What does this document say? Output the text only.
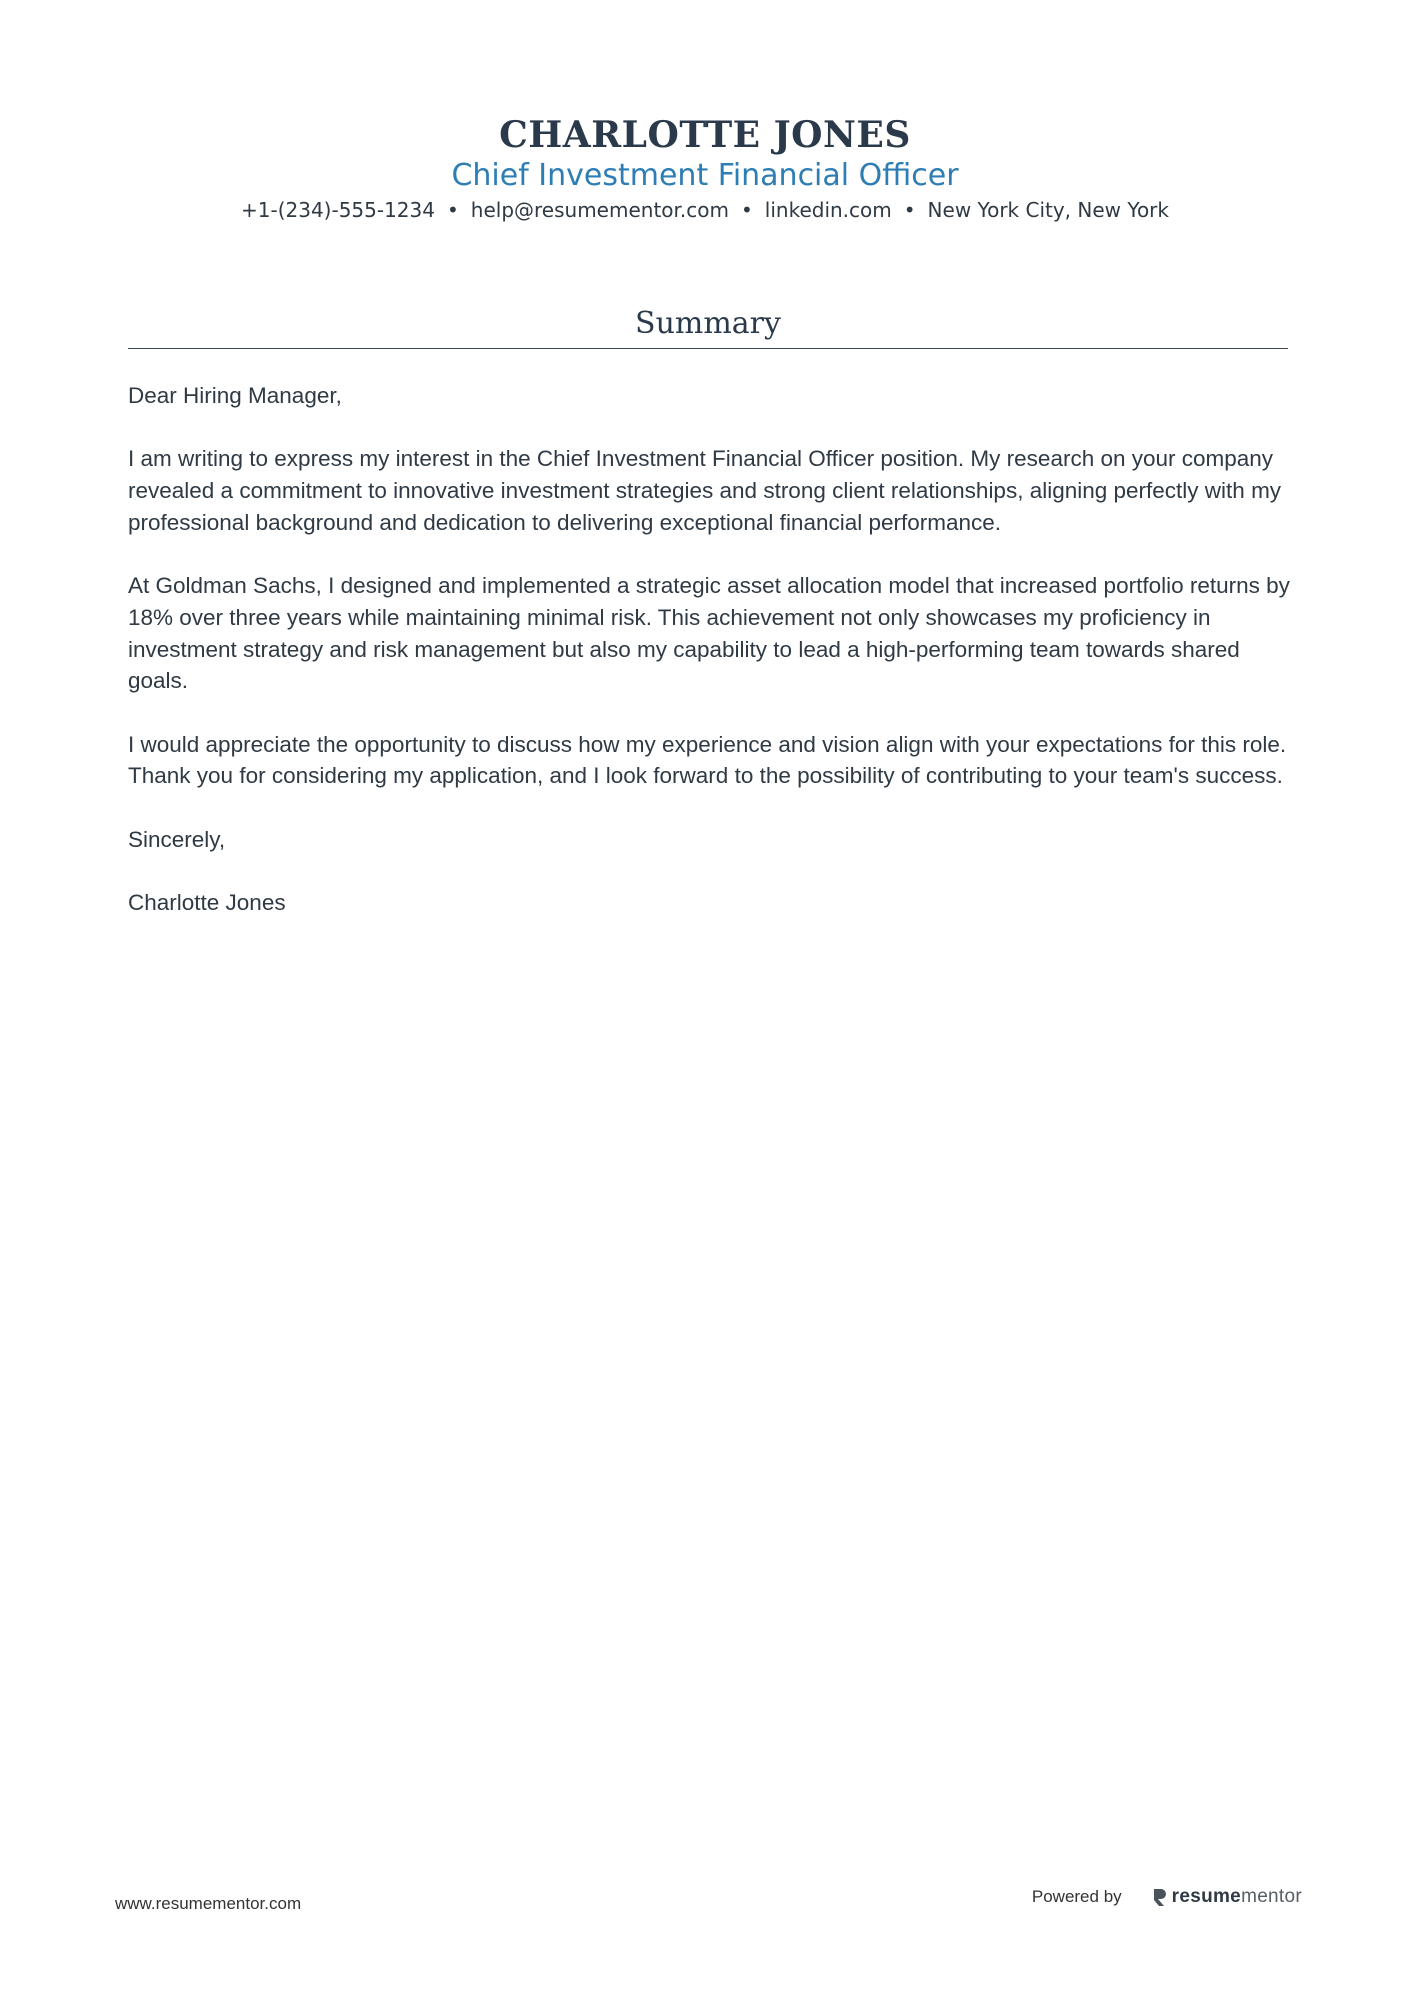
CHARLOTTE JONES
Chief Investment Financial Officer
+1-(234)-555-1234 • help@resumementor.com • linkedin.com • New York City, New York
Summary

Dear Hiring Manager,

I am writing to express my interest in the Chief Investment Financial Officer position. My research on your company revealed a commitment to innovative investment strategies and strong client relationships, aligning perfectly with my professional background and dedication to delivering exceptional financial performance.

At Goldman Sachs, I designed and implemented a strategic asset allocation model that increased portfolio returns by 18% over three years while maintaining minimal risk. This achievement not only showcases my proficiency in investment strategy and risk management but also my capability to lead a high-performing team towards shared goals.

I would appreciate the opportunity to discuss how my experience and vision align with your expectations for this role. Thank you for considering my application, and I look forward to the possibility of contributing to your team's success.

Sincerely,

Charlotte Jones

www.resumementor.com	Powered by	resume mentor
